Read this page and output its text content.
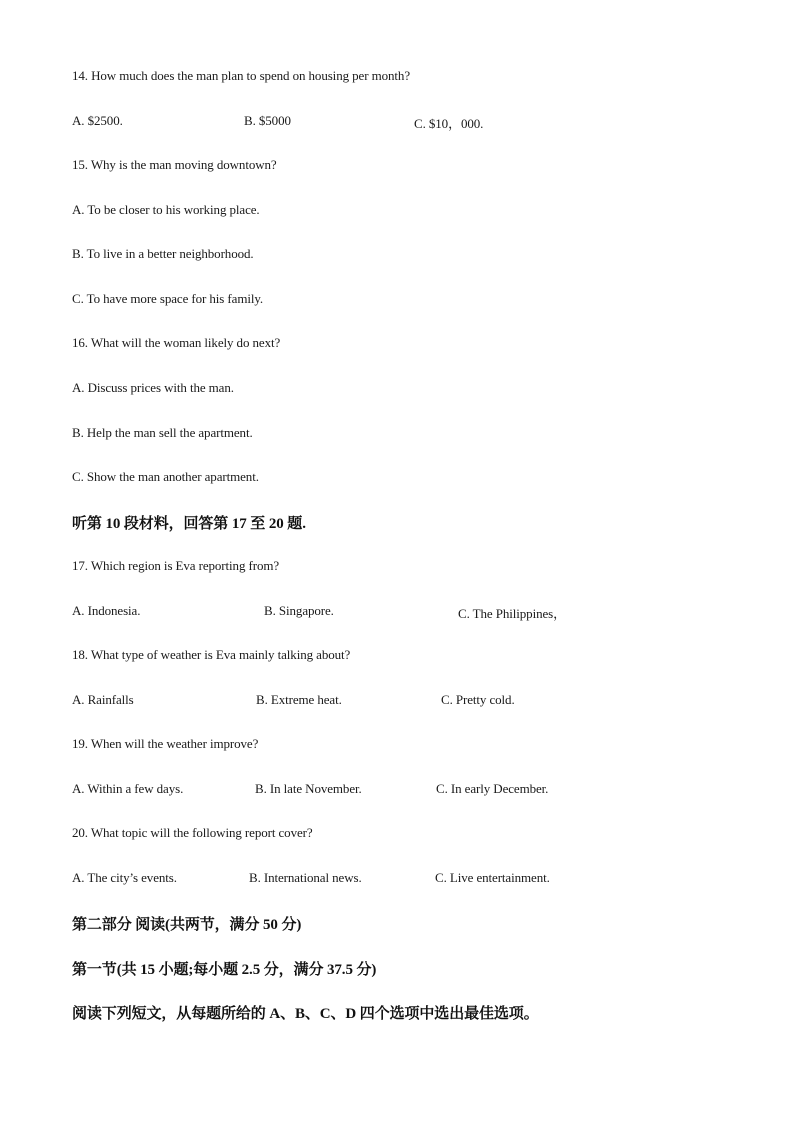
14. How much does the man plan to spend on housing per month?
A. $2500.	B. $5000	C. $10，000.
15. Why is the man moving downtown?
A. To be closer to his working place.
B. To live in a better neighborhood.
C. To have more space for his family.
16. What will the woman likely do next?
A. Discuss prices with the man.
B. Help the man sell the apartment.
C. Show the man another apartment.
听第 10 段材料，回答第 17 至 20 题.
17. Which region is Eva reporting from?
A. Indonesia.	B. Singapore.	C. The Philippines，
18. What type of weather is Eva mainly talking about?
A. Rainfalls	B. Extreme heat.	C. Pretty cold.
19. When will the weather improve?
A. Within a few days.	B. In late November.	C. In early December.
20. What topic will the following report cover?
A. The city’s events.	B. International news.	C. Live entertainment.
第二部分 阅读(共两节，满分 50 分)
第一节(共 15 小题;每小题 2.5 分，满分 37.5 分)
阅读下列短文，从每题所给的 A、B、C、D 四个选项中选出最佳选项。
